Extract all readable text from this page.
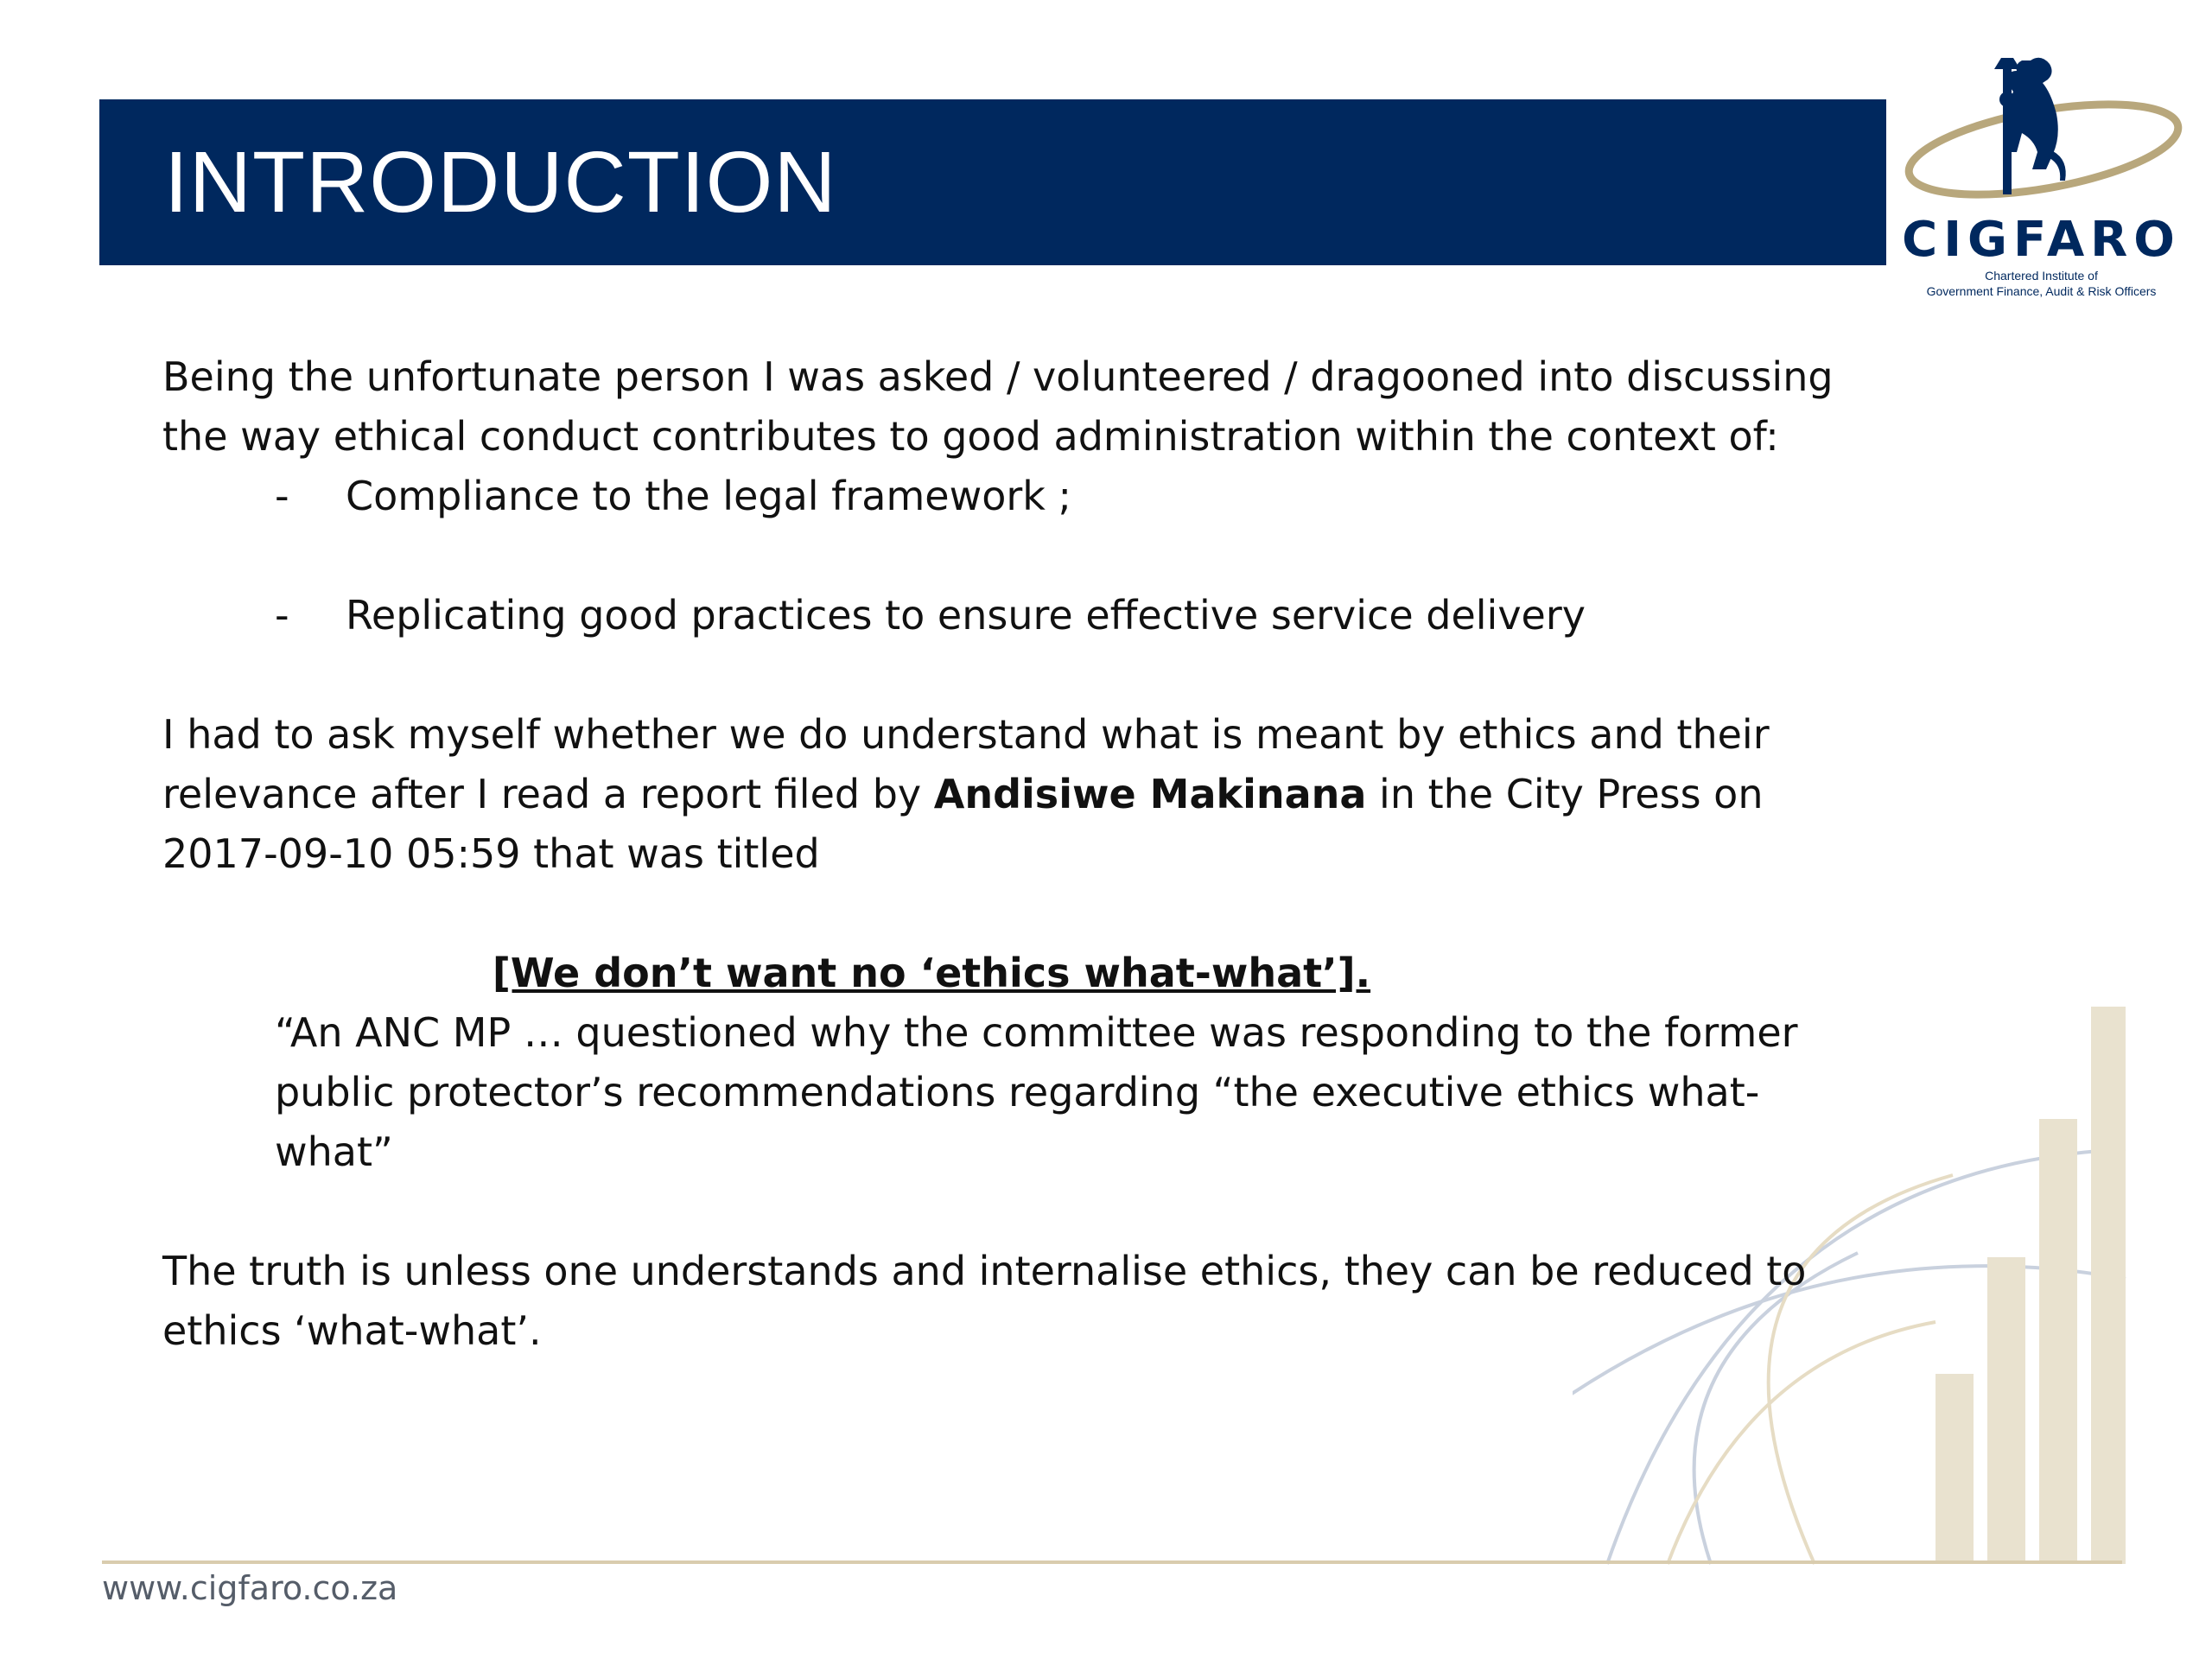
INTRODUCTION
CIGFARO
Chartered Institute of
Government Finance, Audit & Risk Officers

Being the unfortunate person I was asked / volunteered / dragooned into discussing the way ethical conduct contributes to good administration within the context of:

- Compliance to the legal framework ;
- Replicating good practices to ensure effective service delivery

I had to ask myself whether we do understand what is meant by ethics and their relevance after I read a report filed by Andisiwe Makinana in the City Press on 2017-09-10 05:59 that was titled

[We don’t want no ‘ethics what-what’].

“An ANC MP … questioned why the committee was responding to the former public protector’s recommendations regarding “the executive ethics what-what”

The truth is unless one understands and internalise ethics, they can be reduced to ethics ‘what-what’.

www.cigfaro.co.za
